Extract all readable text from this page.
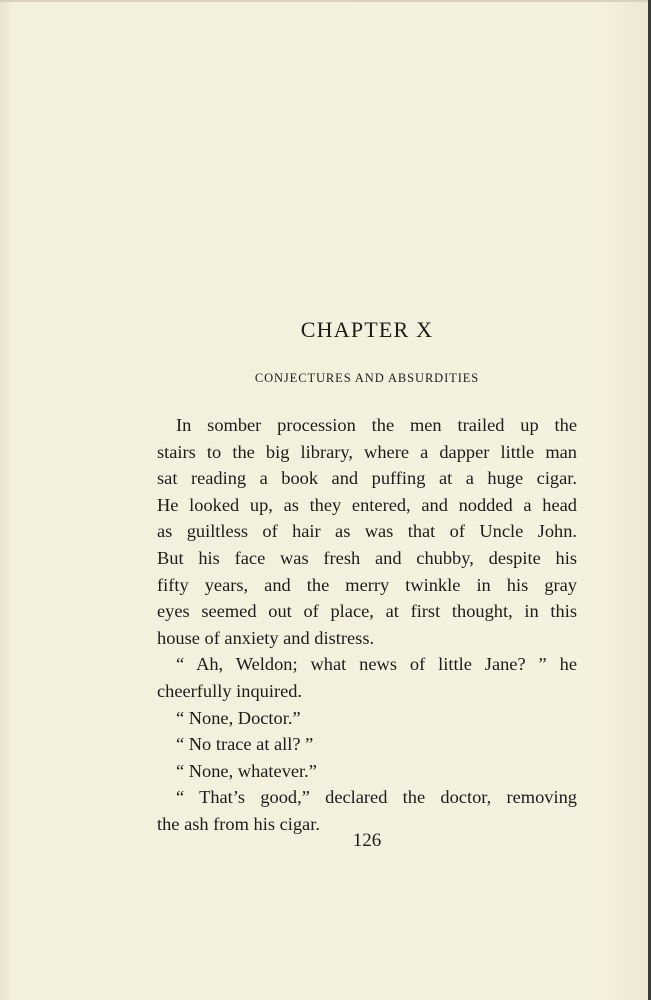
CHAPTER X
CONJECTURES AND ABSURDITIES
In somber procession the men trailed up the
stairs to the big library, where a dapper little man
sat reading a book and puffing at a huge cigar.
He looked up, as they entered, and nodded a head
as guiltless of hair as was that of Uncle John.
But his face was fresh and chubby, despite his
fifty years, and the merry twinkle in his gray
eyes seemed out of place, at first thought, in this
house of anxiety and distress.
“ Ah, Weldon; what news of little Jane? ” he
cheerfully inquired.
“ None, Doctor.”
“ No trace at all? ”
“ None, whatever.”
“ That’s good,” declared the doctor, removing
the ash from his cigar.
126
